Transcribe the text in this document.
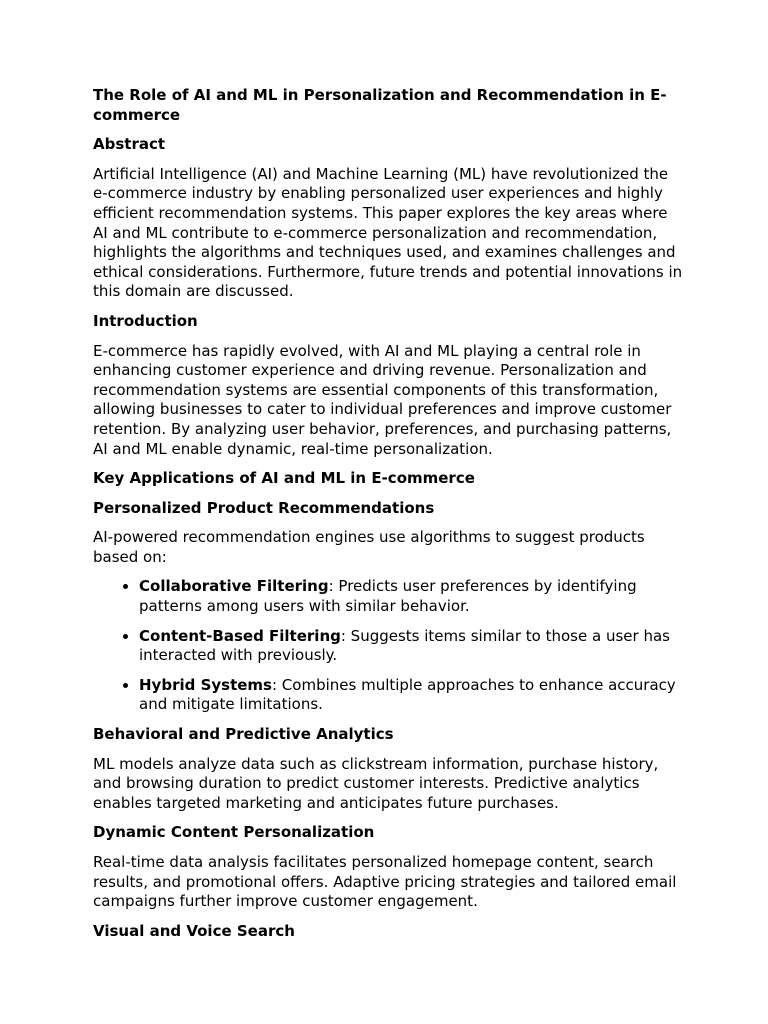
The Role of AI and ML in Personalization and Recommendation in E-commerce
Abstract

Artificial Intelligence (AI) and Machine Learning (ML) have revolutionized the e-commerce industry by enabling personalized user experiences and highly efficient recommendation systems. This paper explores the key areas where AI and ML contribute to e-commerce personalization and recommendation, highlights the algorithms and techniques used, and examines challenges and ethical considerations. Furthermore, future trends and potential innovations in this domain are discussed.

Introduction

E-commerce has rapidly evolved, with AI and ML playing a central role in enhancing customer experience and driving revenue. Personalization and recommendation systems are essential components of this transformation, allowing businesses to cater to individual preferences and improve customer retention. By analyzing user behavior, preferences, and purchasing patterns, AI and ML enable dynamic, real-time personalization.

Key Applications of AI and ML in E-commerce
Personalized Product Recommendations

AI-powered recommendation engines use algorithms to suggest products based on:

• Collaborative Filtering: Predicts user preferences by identifying patterns among users with similar behavior.
• Content-Based Filtering: Suggests items similar to those a user has interacted with previously.
• Hybrid Systems: Combines multiple approaches to enhance accuracy and mitigate limitations.
Behavioral and Predictive Analytics

ML models analyze data such as clickstream information, purchase history, and browsing duration to predict customer interests. Predictive analytics enables targeted marketing and anticipates future purchases.

Dynamic Content Personalization

Real-time data analysis facilitates personalized homepage content, search results, and promotional offers. Adaptive pricing strategies and tailored email campaigns further improve customer engagement.

Visual and Voice Search
